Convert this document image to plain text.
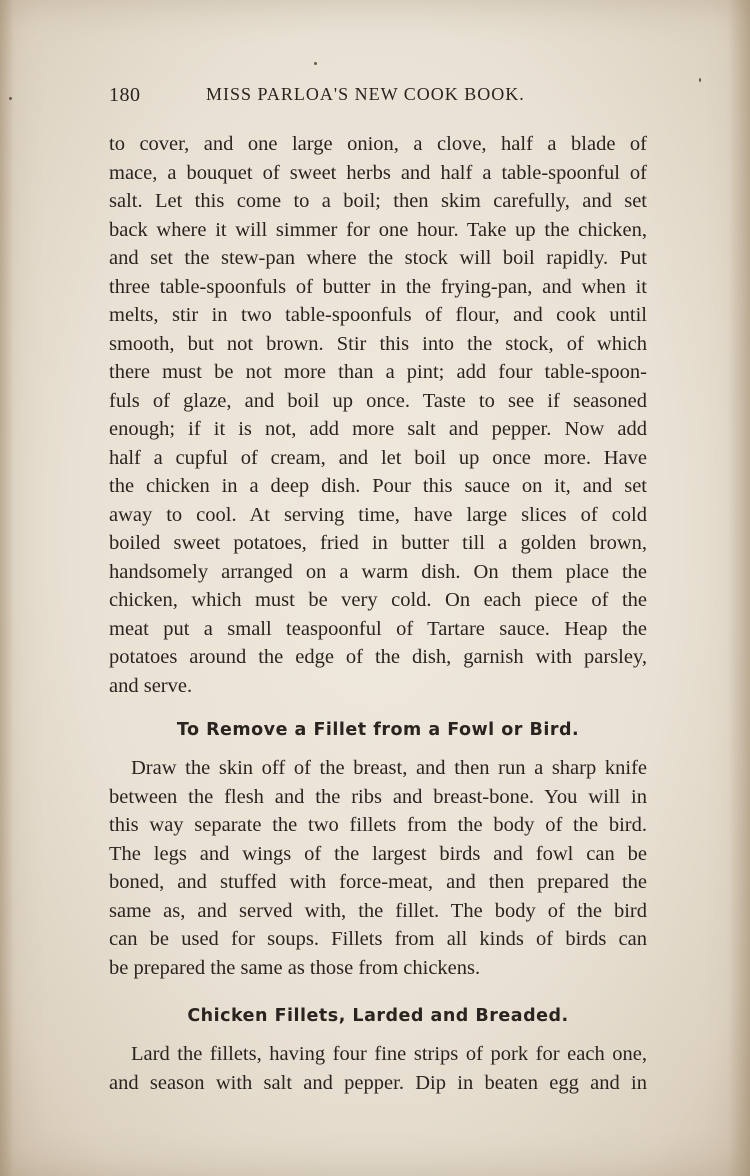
180	MISS PARLOA'S NEW COOK BOOK.
to cover, and one large onion, a clove, half a blade of
mace, a bouquet of sweet herbs and half a table-spoonful of
salt. Let this come to a boil; then skim carefully, and set
back where it will simmer for one hour. Take up the chicken,
and set the stew-pan where the stock will boil rapidly. Put
three table-spoonfuls of butter in the frying-pan, and when it
melts, stir in two table-spoonfuls of flour, and cook until
smooth, but not brown. Stir this into the stock, of which
there must be not more than a pint; add four table-spoon-
fuls of glaze, and boil up once. Taste to see if seasoned
enough; if it is not, add more salt and pepper. Now add
half a cupful of cream, and let boil up once more. Have
the chicken in a deep dish. Pour this sauce on it, and set
away to cool. At serving time, have large slices of cold
boiled sweet potatoes, fried in butter till a golden brown,
handsomely arranged on a warm dish. On them place the
chicken, which must be very cold. On each piece of the
meat put a small teaspoonful of Tartare sauce. Heap the
potatoes around the edge of the dish, garnish with parsley,
and serve.
To Remove a Fillet from a Fowl or Bird.
Draw the skin off of the breast, and then run a sharp knife
between the flesh and the ribs and breast-bone. You will in
this way separate the two fillets from the body of the bird.
The legs and wings of the largest birds and fowl can be
boned, and stuffed with force-meat, and then prepared the
same as, and served with, the fillet. The body of the bird
can be used for soups. Fillets from all kinds of birds can
be prepared the same as those from chickens.
Chicken Fillets, Larded and Breaded.
Lard the fillets, having four fine strips of pork for each one,
and season with salt and pepper. Dip in beaten egg and in
